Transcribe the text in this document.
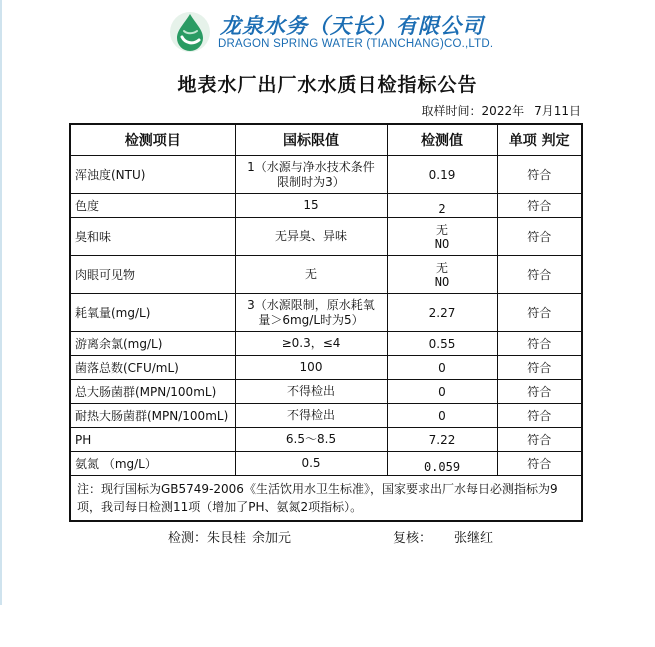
龙泉水务（天长）有限公司
DRAGON SPRING WATER (TIANCHANG)CO.,LTD.
地表水厂出厂水水质日检指标公告
取样时间：2022年 7月11日
检测项目	国标限值	检测值	单项 判定
浑浊度(NTU)	1（水源与净水技术条件
限制时为3）	0.19	符合
色度	15	2	符合
臭和味	无异臭、异味	无
NO	符合
肉眼可见物	无	无
NO	符合
耗氧量(mg/L)	3（水源限制，原水耗氧
量＞6mg/L时为5）	2.27	符合
游离余氯(mg/L)	≥0.3，≤4	0.55	符合
菌落总数(CFU/mL)	100	0	符合
总大肠菌群(MPN/100mL)	不得检出	0	符合
耐热大肠菌群(MPN/100mL)	不得检出	0	符合
PH	6.5～8.5	7.22	符合
氨氮 （mg/L）	0.5	0.059	符合
注：现行国标为GB5749-2006《生活饮用水卫生标准》，国家要求出厂水每日必测指标为9项，我司每日检测11项（增加了PH、氨氮2项指标）。			
检测：朱艮桂 余加元	复核： 张继红
